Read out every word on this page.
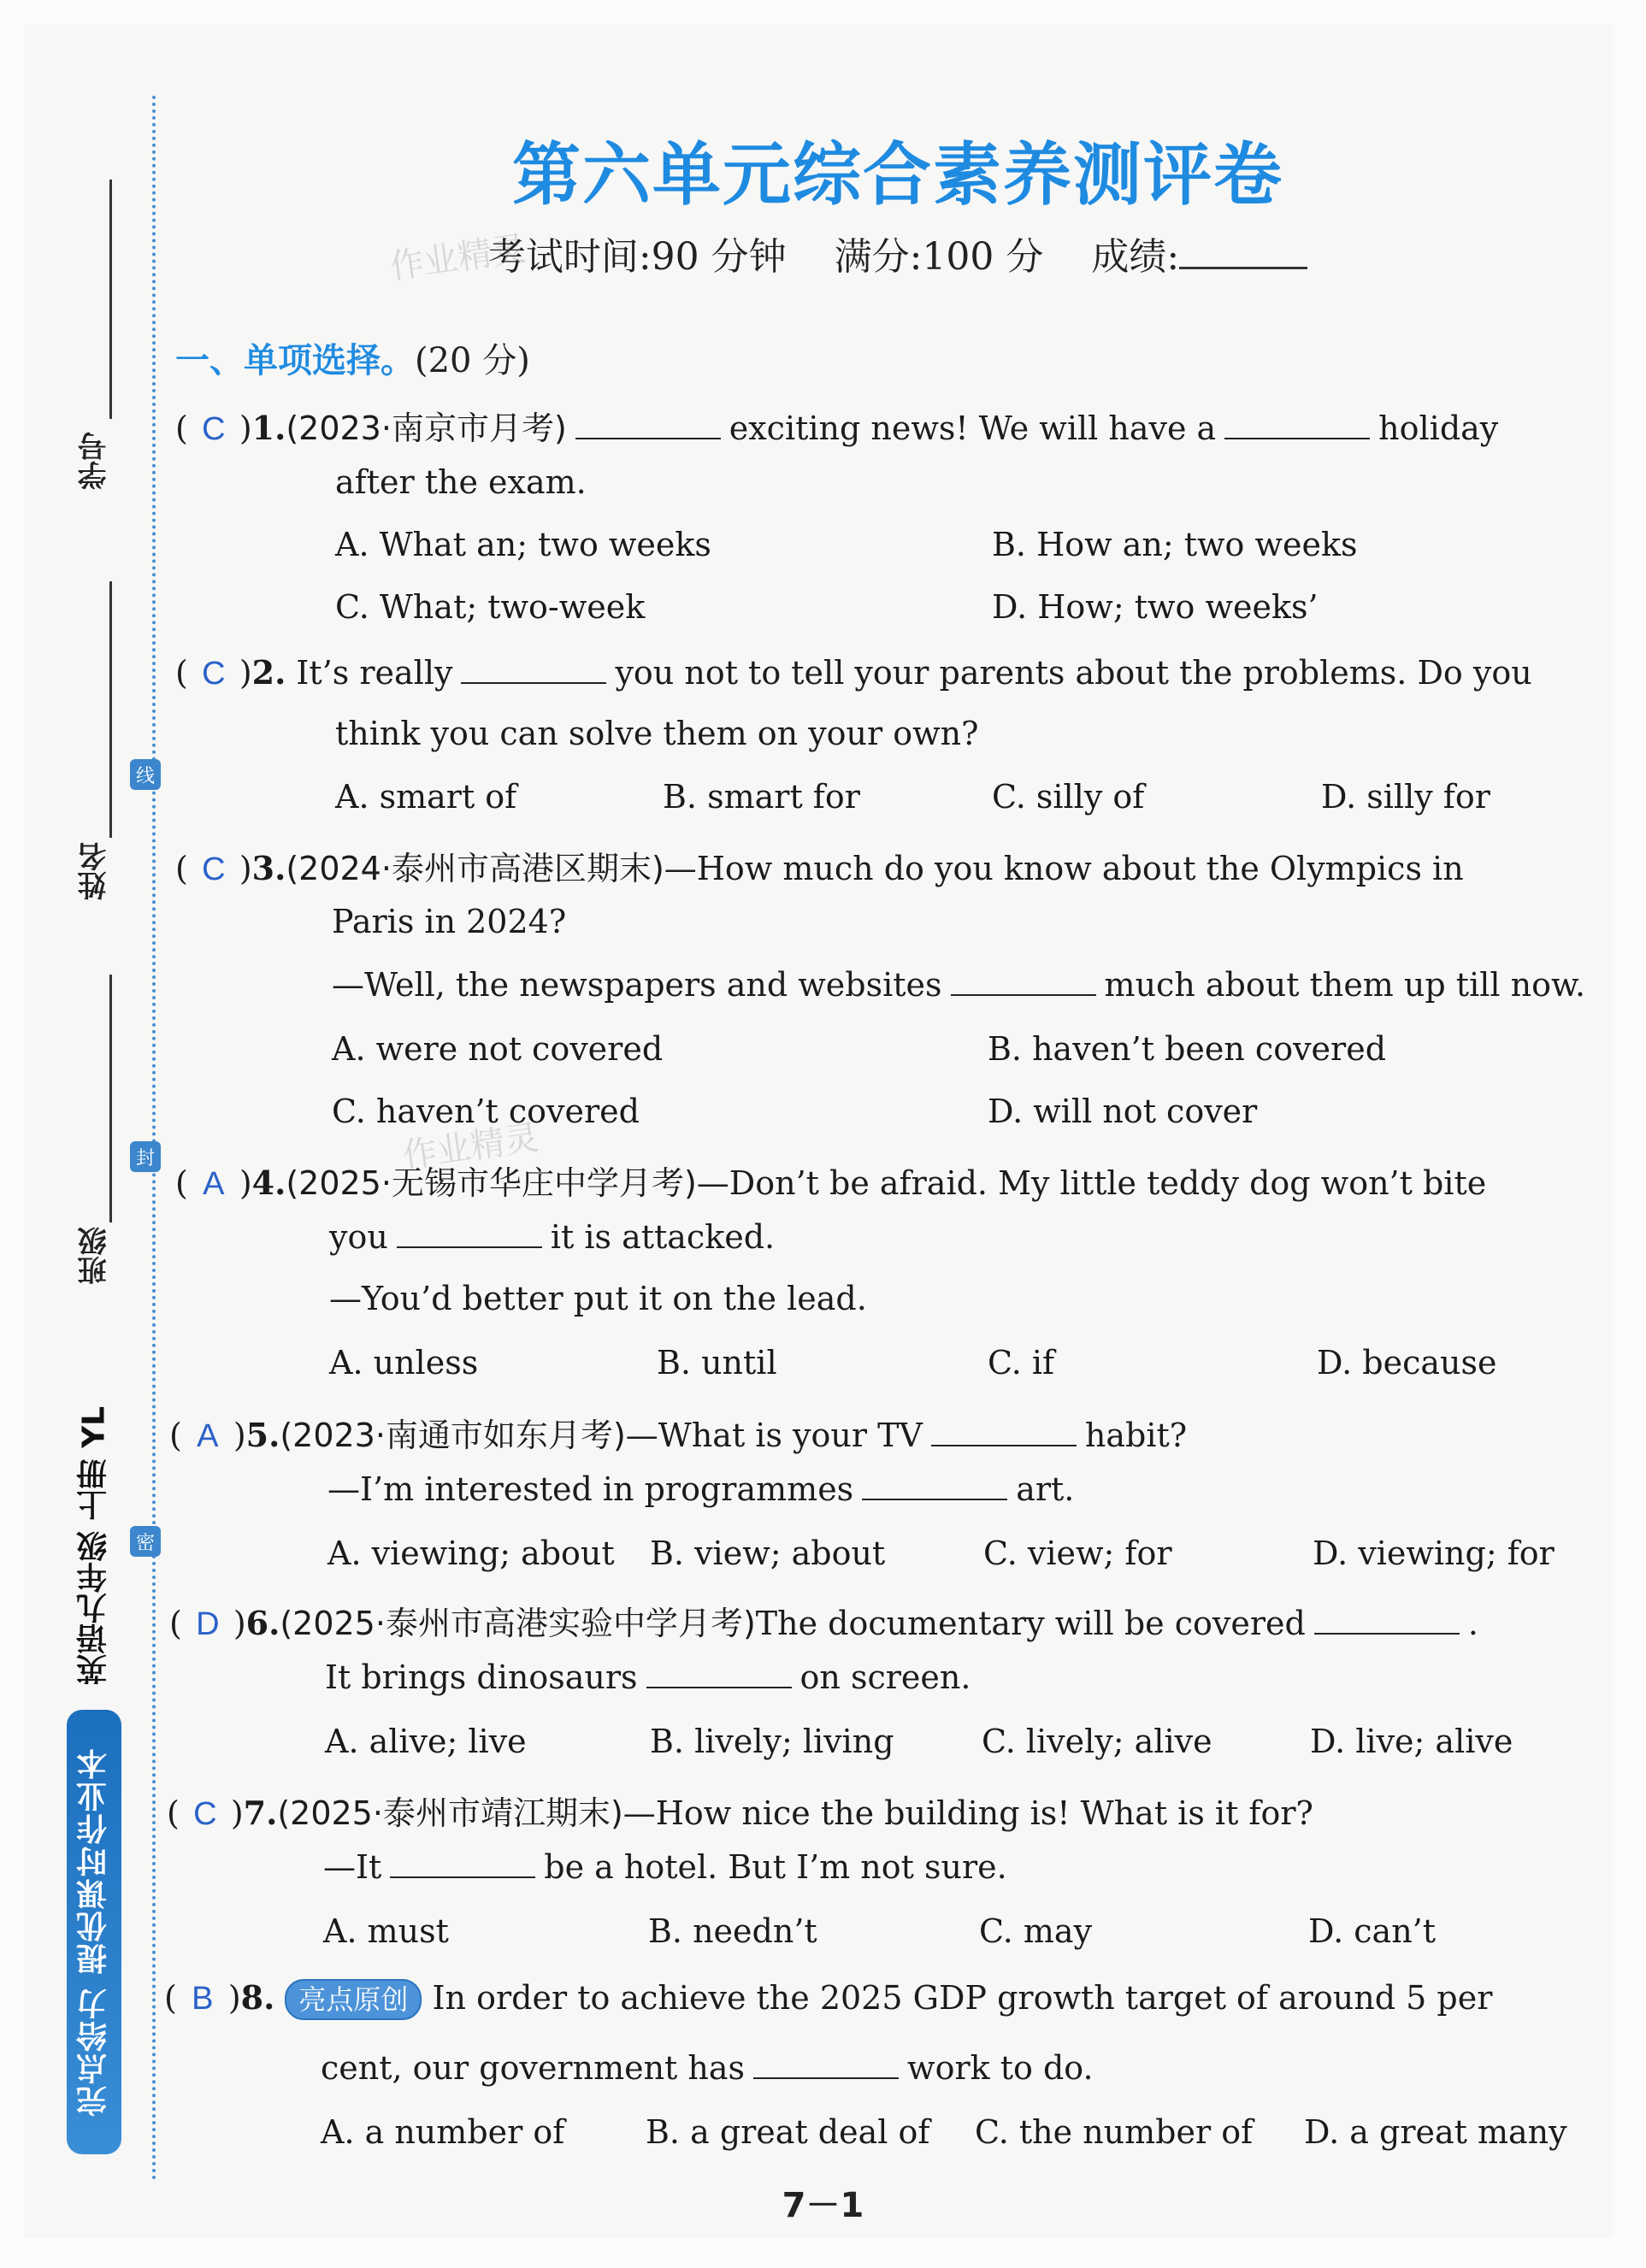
学号
姓名
班级
线
封
密
完点给力 提优课时作业本
英语九年级 上册 YL
第六单元综合素养测评卷
考试时间:90 分钟 满分:100 分 成绩:
作业精灵
作业精灵
一、单项选择。(20 分)
( C )1.(2023·南京市月考)	exciting news! We will have a	holiday
after the exam.
A. What an; two weeks	B. How an; two weeks
C. What; two-week	D. How; two weeks’
( C )2. It’s really	you not to tell your parents about the problems. Do you
think you can solve them on your own?
A. smart of	B. smart for	C. silly of	D. silly for
( C )3.(2024·泰州市高港区期末)—How much do you know about the Olympics in
Paris in 2024?
—Well, the newspapers and websites	much about them up till now.
A. were not covered	B. haven’t been covered
C. haven’t covered	D. will not cover
( A )4.(2025·无锡市华庄中学月考)—Don’t be afraid. My little teddy dog won’t bite
you	it is attacked.
—You’d better put it on the lead.
A. unless	B. until	C. if	D. because
( A )5.(2023·南通市如东月考)—What is your TV	habit?
—I’m interested in programmes	art.
A. viewing; about B. view; about	C. view; for	D. viewing; for
( D )6.(2025·泰州市高港实验中学月考)The documentary will be covered	.
It brings dinosaurs	on screen.
A. alive; live	B. lively; living	C. lively; alive	D. live; alive
( C )7.(2025·泰州市靖江期末)—How nice the building is! What is it for?
—It	be a hotel. But I’m not sure.
A. must	B. needn’t	C. may	D. can’t
( B )8. 亮点原创 In order to achieve the 2025 GDP growth target of around 5 per
cent, our government has	work to do.
A. a number of B. a great deal of C. the number of D. a great many
7－1
